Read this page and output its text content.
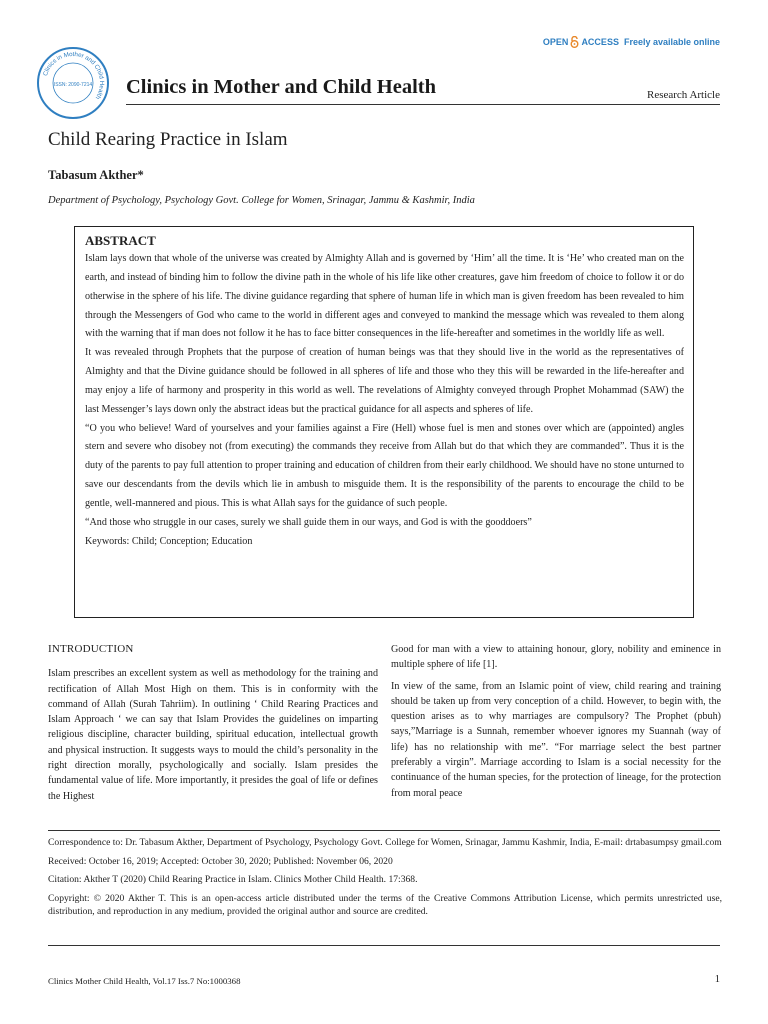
Clinics in Mother and Child Health
ISSN: 2090-7214 Clinics in Mother and Child Health
OPEN ACCESS Freely available online
Research Article
Child Rearing Practice in Islam
Tabasum Akther*
Department of Psychology, Psychology Govt. College for Women, Srinagar, Jammu & Kashmir, India
ABSTRACT

Islam lays down that whole of the universe was created by Almighty Allah and is governed by ‘Him’ all the time. It is ‘He’ who created man on the earth, and instead of binding him to follow the divine path in the whole of his life like other creatures, gave him freedom of choice to follow it or do otherwise in the sphere of his life. The divine guidance regarding that sphere of human life in which man is given freedom has been revealed to him through the Messengers of God who came to the world in different ages and conveyed to mankind the message which was revealed to them along with the warning that if man does not follow it he has to face bitter consequences in the life-hereafter and sometimes in the worldly life as well.

It was revealed through Prophets that the purpose of creation of human beings was that they should live in the world as the representatives of Almighty and that the Divine guidance should be followed in all spheres of life and those who they this will be rewarded in the life-hereafter and may enjoy a life of harmony and prosperity in this world as well. The revelations of Almighty conveyed through Prophet Mohammad (SAW) the last Messenger’s lays down only the abstract ideas but the practical guidance for all aspects and spheres of life.

“O you who believe! Ward of yourselves and your families against a Fire (Hell) whose fuel is men and stones over which are (appointed) angles stern and severe who disobey not (from executing) the commands they receive from Allah but do that which they are commanded”. Thus it is the duty of the parents to pay full attention to proper training and education of children from their early childhood. We should have no stone unturned to save our descendants from the devils which lie in ambush to misguide them. It is the responsibility of the parents to encourage the child to be gentle, well-mannered and pious. This is what Allah says for the guidance of such people.

“And those who struggle in our cases, surely we shall guide them in our ways, and God is with the gooddoers”

Keywords: Child; Conception; Education

INTRODUCTION

Islam prescribes an excellent system as well as methodology for the training and rectification of Allah Most High on them. This is in conformity with the command of Allah (Surah Tahriim). In outlining ‘ Child Rearing Practices and Islam Approach ‘ we can say that Islam Provides the guidelines on imparting religious discipline, character building, spiritual education, intellectual growth and physical instruction. It suggests ways to mould the child’s personality in the right direction morally, psychologically and socially. Islam presides the fundamental value of life. More importantly, it presides the goal of life or defines the Highest

Good for man with a view to attaining honour, glory, nobility and eminence in multiple sphere of life [1].

In view of the same, from an Islamic point of view, child rearing and training should be taken up from very conception of a child. However, to begin with, the question arises as to why marriages are compulsory? The Prophet (pbuh) says,”Marriage is a Sunnah, remember whoever ignores my Suannah (way of life) has no relationship with me”. “For marriage select the best partner preferably a virgin”. Marriage according to Islam is a social necessity for the continuance of the human species, for the protection of lineage, for the protection from moral peace

Correspondence to: Dr. Tabasum Akther, Department of Psychology, Psychology Govt. College for Women, Srinagar, Jammu Kashmir, India, E-mail: drtabasumpsy gmail.com

Received: October 16, 2019; Accepted: October 30, 2020; Published: November 06, 2020

Citation: Akther T (2020) Child Rearing Practice in Islam. Clinics Mother Child Health. 17:368.

Copyright: © 2020 Akther T. This is an open-access article distributed under the terms of the Creative Commons Attribution License, which permits unrestricted use, distribution, and reproduction in any medium, provided the original author and source are credited.

Clinics Mother Child Health, Vol.17 Iss.7 No:1000368	1
